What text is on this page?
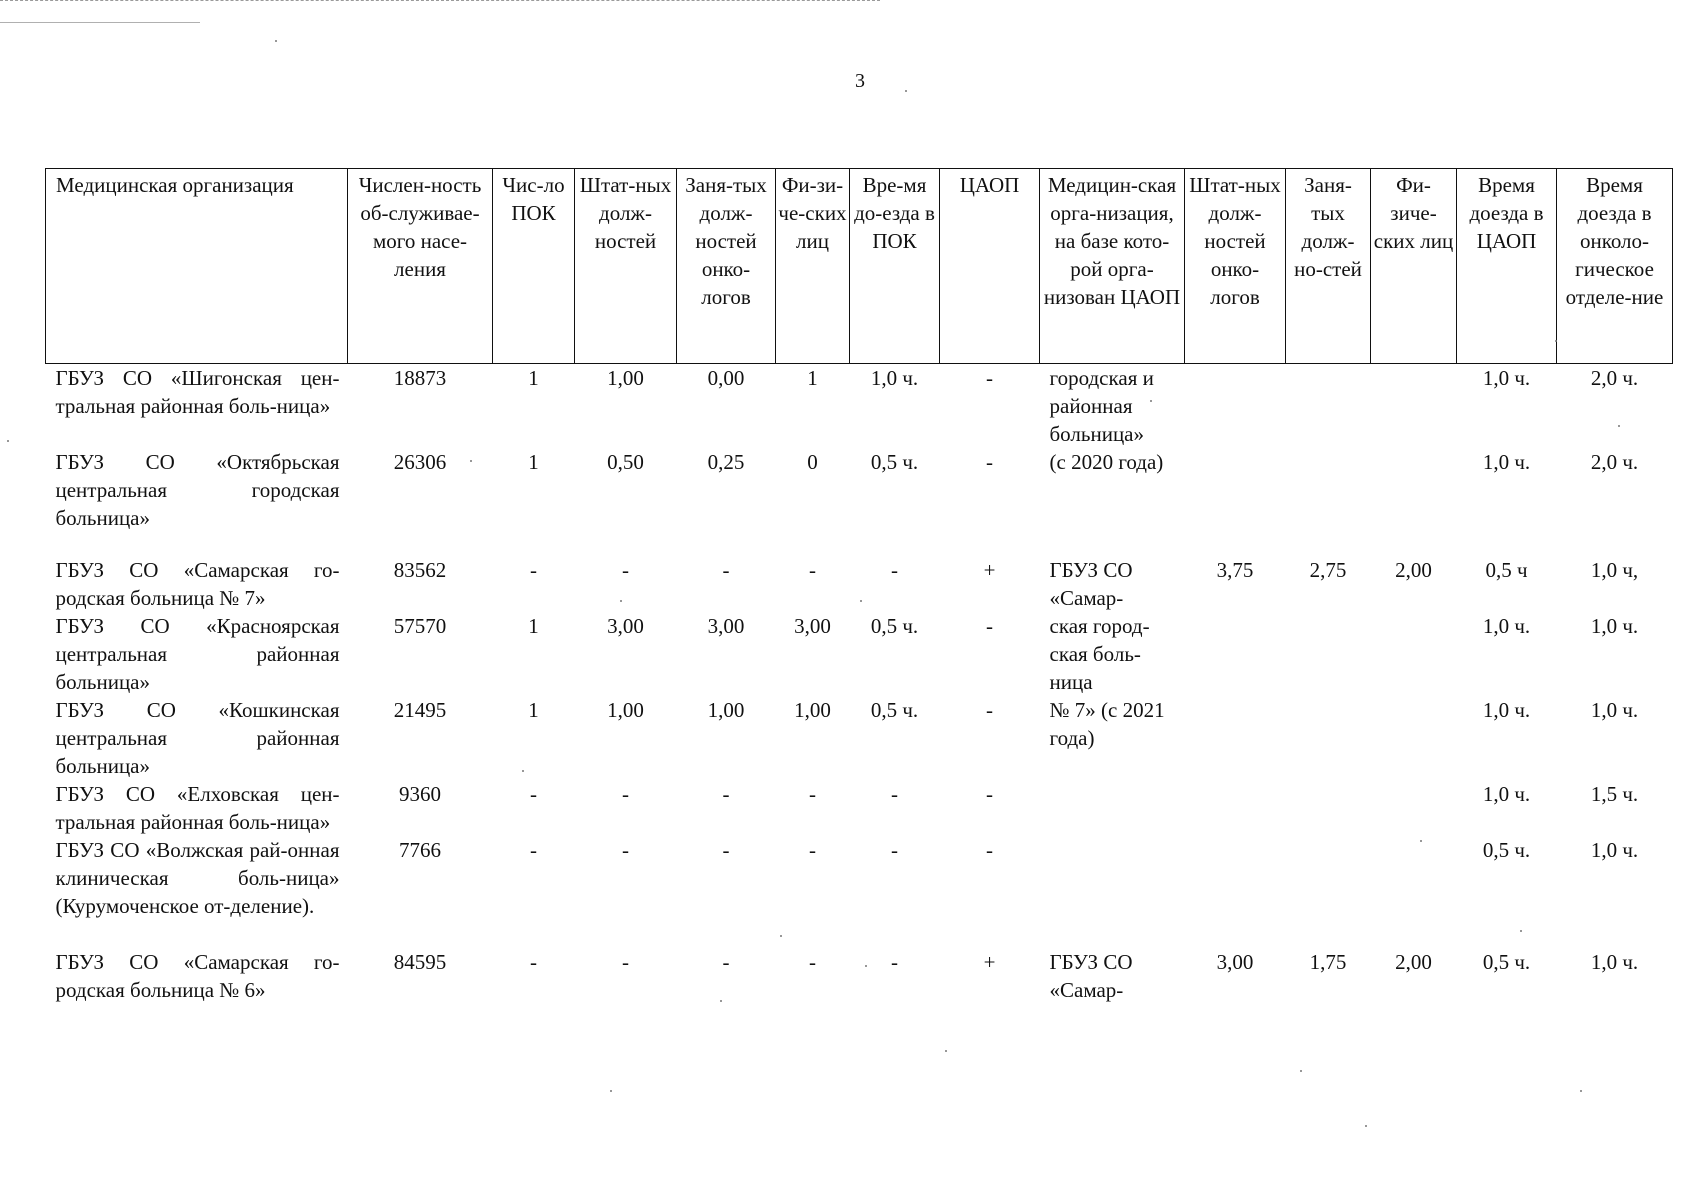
3
Медицинская организация	Числен-ность об-служивае-мого насе-ления	Чис-ло ПОК	Штат-ных долж-ностей	Заня-тых долж-ностей онко-логов	Фи-зи-че-ских лиц	Вре-мя до-езда в ПОК	ЦАОП	Медицин-ская орга-низация, на базе кото-рой орга-низован ЦАОП	Штат-ных долж-ностей онко-логов	Заня-тых долж-но-стей	Фи-зиче-ских лиц	Время доезда в ЦАОП	Время доезда в онколо-гическое отделе-ние
ГБУЗ СО «Шигонская цен-тральная районная боль-ница»	18873	1	1,00	0,00	1	1,0 ч.	-	городская и районная больница»				1,0 ч.	2,0 ч.
ГБУЗ СО «Октябрьская центральная городская больница»	26306	1	0,50	0,25	0	0,5 ч.	-	(с 2020 года)				1,0 ч.	2,0 ч.

ГБУЗ СО «Самарская го-родская больница № 7»	83562	-	-	-	-	-	+	ГБУЗ СО «Самар-	3,75	2,75	2,00	0,5 ч	1,0 ч,
ГБУЗ СО «Красноярская центральная районная больница»	57570	1	3,00	3,00	3,00	0,5 ч.	-	ская город-ская боль-ница				1,0 ч.	1,0 ч.
ГБУЗ СО «Кошкинская центральная районная больница»	21495	1	1,00	1,00	1,00	0,5 ч.	-	№ 7» (с 2021 года)				1,0 ч.	1,0 ч.
ГБУЗ СО «Елховская цен-тральная районная боль-ница»	9360	-	-	-	-	-	-					1,0 ч.	1,5 ч.
ГБУЗ СО «Волжская рай-онная клиническая боль-ница» (Курумоченское от-деление).	7766	-	-	-	-	-	-					0,5 ч.	1,0 ч.

ГБУЗ СО «Самарская го-родская больница № 6»	84595	-	-	-	-	-	+	ГБУЗ СО «Самар-	3,00	1,75	2,00	0,5 ч.	1,0 ч.
